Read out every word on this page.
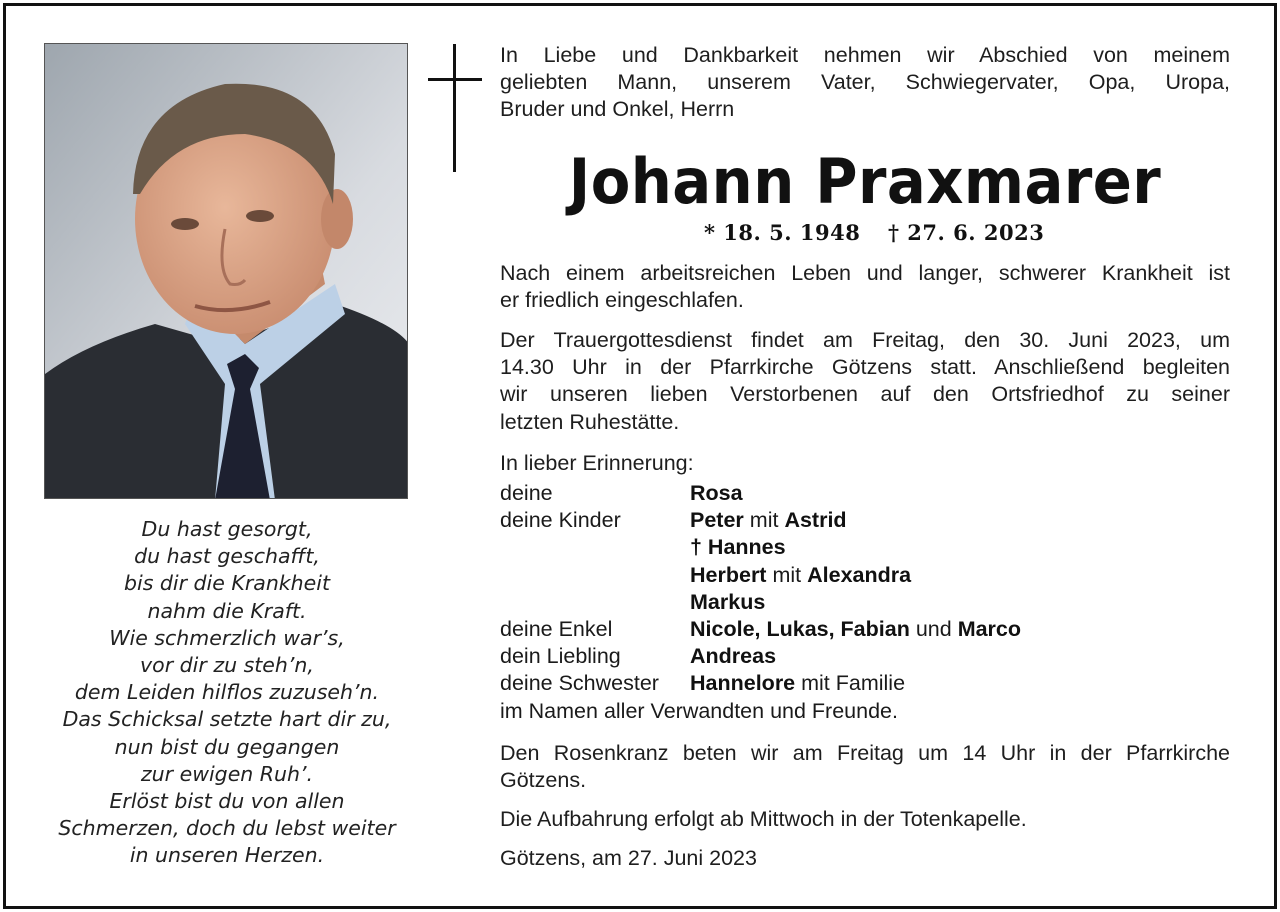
Du hast gesorgt,
du hast geschafft,
bis dir die Krankheit
nahm die Kraft.
Wie schmerzlich war’s,
vor dir zu steh’n,
dem Leiden hilflos zuzuseh’n.
Das Schicksal setzte hart dir zu,
nun bist du gegangen
zur ewigen Ruh’.
Erlöst bist du von allen
Schmerzen, doch du lebst weiter
in unseren Herzen.
In Liebe und Dankbarkeit nehmen wir Abschied von meinem
geliebten Mann, unserem Vater, Schwiegervater, Opa, Uropa,
Bruder und Onkel, Herrn
Johann Praxmarer
* 18. 5. 1948 † 27. 6. 2023
Nach einem arbeitsreichen Leben und langer, schwerer Krankheit ist
er friedlich eingeschlafen.
Der Trauergottesdienst findet am Freitag, den 30. Juni 2023, um
14.30 Uhr in der Pfarrkirche Götzens statt. Anschließend begleiten
wir unseren lieben Verstorbenen auf den Ortsfriedhof zu seiner
letzten Ruhestätte.
In lieber Erinnerung:
deine	Rosa
deine Kinder	Peter mit Astrid
† Hannes
Herbert mit Alexandra
Markus
deine Enkel	Nicole, Lukas, Fabian und Marco
dein Liebling	Andreas
deine Schwester	Hannelore mit Familie
im Namen aller Verwandten und Freunde.
Den Rosenkranz beten wir am Freitag um 14 Uhr in der Pfarrkirche
Götzens.
Die Aufbahrung erfolgt ab Mittwoch in der Totenkapelle.
Götzens, am 27. Juni 2023
